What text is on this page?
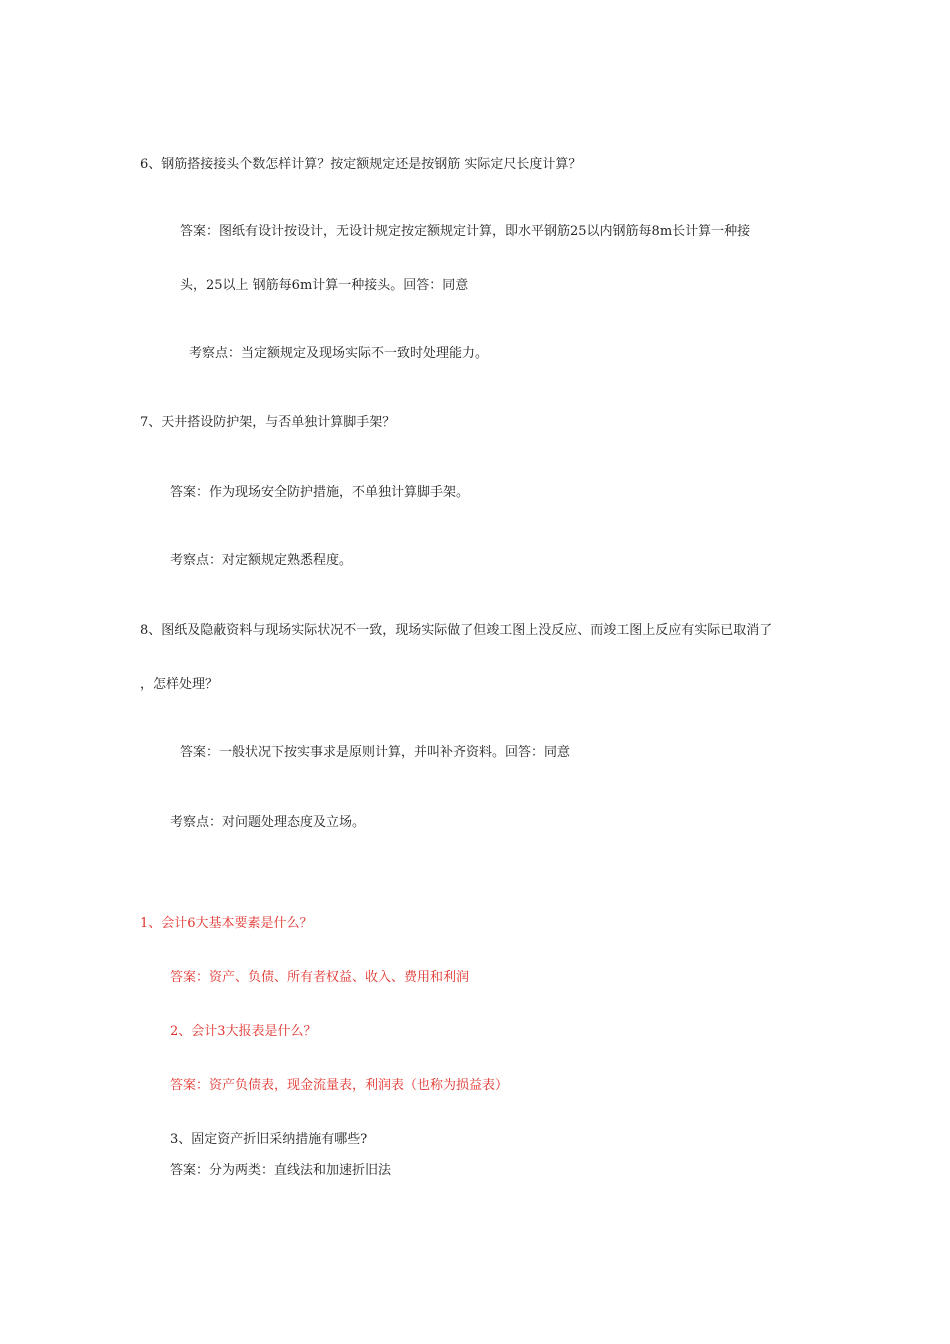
6、钢筋搭接接头个数怎样计算？按定额规定还是按钢筋 实际定尺长度计算？
答案：图纸有设计按设计，无设计规定按定额规定计算，即水平钢筋25以内钢筋每8m长计算一种接
头，25以上 钢筋每6m计算一种接头。回答：同意
考察点：当定额规定及现场实际不一致时处理能力。
7、天井搭设防护架，与否单独计算脚手架？
答案：作为现场安全防护措施，不单独计算脚手架。
考察点：对定额规定熟悉程度。
8、图纸及隐蔽资料与现场实际状况不一致，现场实际做了但竣工图上没反应、而竣工图上反应有实际已取消了
，怎样处理？
答案：一般状况下按实事求是原则计算，并叫补齐资料。回答：同意
考察点：对问题处理态度及立场。
1、会计6大基本要素是什么？
答案：资产、负债、所有者权益、收入、费用和利润
2、会计3大报表是什么？
答案：资产负债表，现金流量表，利润表（也称为损益表）
3、固定资产折旧采纳措施有哪些?
答案：分为两类：直线法和加速折旧法
